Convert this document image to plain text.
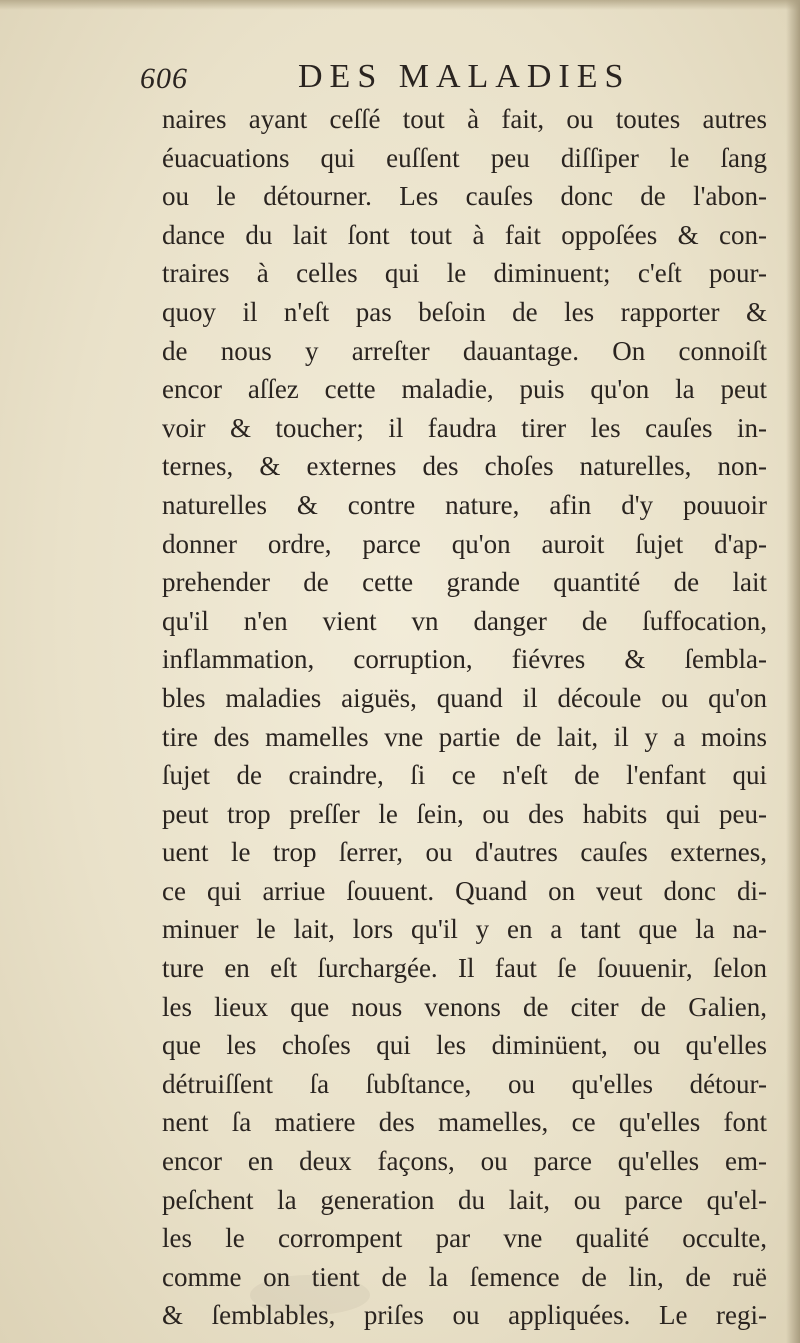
606	DES MALADIES
naires ayant ceſſé tout à fait, ou toutes autres
éuacuations qui euſſent peu diſſiper le ſang
ou le détourner. Les cauſes donc de l'abon-
dance du lait ſont tout à fait oppoſées & con-
traires à celles qui le diminuent; c'eſt pour-
quoy il n'eſt pas beſoin de les rapporter &
de nous y arreſter dauantage. On connoiſt
encor aſſez cette maladie, puis qu'on la peut
voir & toucher; il faudra tirer les cauſes in-
ternes, & externes des choſes naturelles, non-
naturelles & contre nature, afin d'y pouuoir
donner ordre, parce qu'on auroit ſujet d'ap-
prehender de cette grande quantité de lait
qu'il n'en vient vn danger de ſuffocation,
inflammation, corruption, fiévres & ſembla-
bles maladies aiguës, quand il découle ou qu'on
tire des mamelles vne partie de lait, il y a moins
ſujet de craindre, ſi ce n'eſt de l'enfant qui
peut trop preſſer le ſein, ou des habits qui peu-
uent le trop ſerrer, ou d'autres cauſes externes,
ce qui arriue ſouuent. Quand on veut donc di-
minuer le lait, lors qu'il y en a tant que la na-
ture en eſt ſurchargée. Il faut ſe ſouuenir, ſelon
les lieux que nous venons de citer de Galien,
que les choſes qui les diminüent, ou qu'elles
détruiſſent ſa ſubſtance, ou qu'elles détour-
nent ſa matiere des mamelles, ce qu'elles font
encor en deux façons, ou parce qu'elles em-
peſchent la generation du lait, ou parce qu'el-
les le corrompent par vne qualité occulte,
comme on tient de la ſemence de lin, de ruë
& ſemblables, priſes ou appliquées. Le regi-
